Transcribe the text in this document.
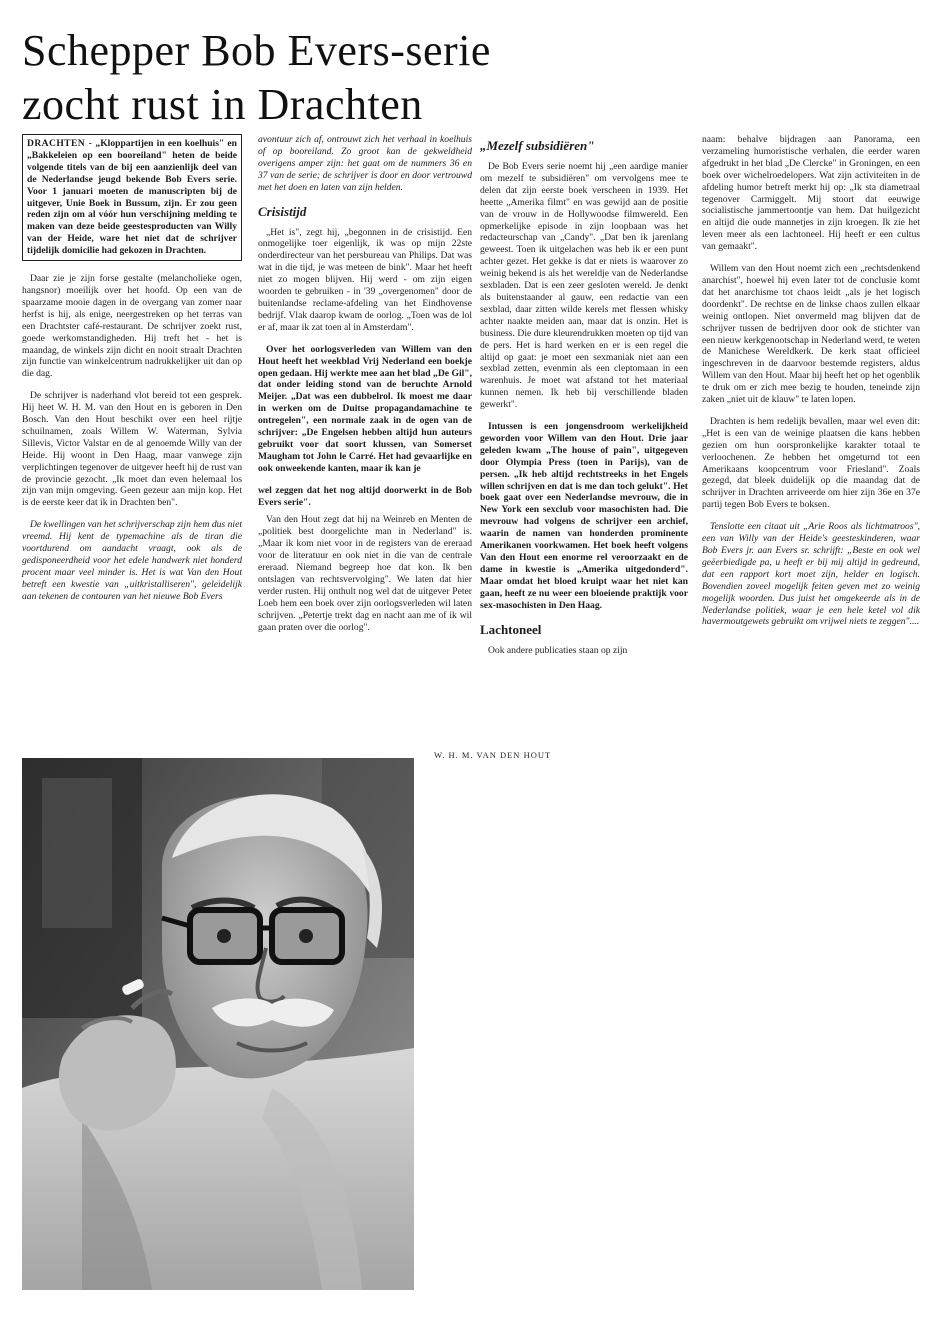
Schepper Bob Evers-serie
zocht rust in Drachten

DRACHTEN - „Kloppartijen in een koelhuis" en „Bakkeleien op een booreiland" heten de beide volgende titels van de bij een aanzienlijk deel van de Nederlandse jeugd bekende Bob Evers serie. Voor 1 januari moeten de manuscripten bij de uitgever, Unie Boek in Bussum, zijn. Er zou geen reden zijn om al vóór hun verschijning melding te maken van deze beide geestesproducten van Willy van der Heide, ware het niet dat de schrijver tijdelijk domicilie had gekozen in Drachten.

Daar zie je zijn forse gestalte (melancholieke ogen, hangsnor) moeilijk over het hoofd. Op een van de spaarzame mooie dagen in de overgang van zomer naar herfst is hij, als enige, neergestreken op het terras van een Drachtster café-restaurant. De schrijver zoekt rust, goede werkomstandigheden. Hij treft het - het is maandag, de winkels zijn dicht en nooit straalt Drachten zijn functie van winkelcentrum nadrukkelijker uit dan op die dag.

De schrijver is naderhand vlot bereid tot een gesprek. Hij heet W. H. M. van den Hout en is geboren in Den Bosch. Van den Hout beschikt over een heel rijtje schuilnamen, zoals Willem W. Waterman, Sylvia Sillevis, Victor Valstar en de al genoemde Willy van der Heide. Hij woont in Den Haag, maar vanwege zijn verplichtingen tegenover de uitgever heeft hij de rust van de provincie gezocht. „Ik moet dan even helemaal los zijn van mijn omgeving. Geen gezeur aan mijn kop. Het is de eerste keer dat ik in Drachten ben".

De kwellingen van het schrijverschap zijn hem dus niet vreemd. Hij kent de typemachine als de tiran die voortdurend om aandacht vraagt, ook als de gedisponeerdheid voor het edele handwerk niet honderd procent maar veel minder is. Het is wat Van den Hout betreft een kwestie van „uitkristalliseren", geleidelijk aan tekenen de contouren van het nieuwe Bob Evers

avontuur zich af, ontrouwt zich het verhaal in koelhuis of op booreiland. Zo groot kan de gekweldheid overigens amper zijn: het gaat om de nummers 36 en 37 van de serie; de schrijver is door en door vertrouwd met het doen en laten van zijn helden.

Crisistijd

„Het is", zegt hij, „begonnen in de crisistijd. Een onmogelijke toer eigenlijk, ik was op mijn 22ste onderdirecteur van het persbureau van Philips. Dat was wat in die tijd, je was meteen de bink". Maar het heeft niet zo mogen blijven. Hij werd - om zijn eigen woorden te gebruiken - in '39 „overgenomen" door de buitenlandse reclame-afdeling van het Eindhovense bedrijf. Vlak daarop kwam de oorlog. „Toen was de lol er af, maar ik zat toen al in Amsterdam".

Over het oorlogsverleden van Willem van den Hout heeft het weekblad Vrij Nederland een boekje open gedaan. Hij werkte mee aan het blad „De Gil", dat onder leiding stond van de beruchte Arnold Meijer. „Dat was een dubbelrol. Ik moest me daar in werken om de Duitse propagandamachine te ontregelen", een normale zaak in de ogen van de schrijver: „De Engelsen hebben altijd hun auteurs gebruikt voor dat soort klussen, van Somerset Maugham tot John le Carré. Het had gevaarlijke en ook onweekende kanten, maar ik kan je

wel zeggen dat het nog altijd doorwerkt in de Bob Evers serie".

Van den Hout zegt dat hij na Weinreb en Menten de „politiek best doorgelichte man in Nederland" is. „Maar ik kom niet voor in de registers van de ereraad voor de literatuur en ook niet in die van de centrale ereraad. Niemand begreep hoe dat kon. Ik ben ontslagen van rechtsvervolging". We laten dat hier verder rusten. Hij onthult nog wel dat de uitgever Peter Loeb hem een boek over zijn oorlogsverleden wil laten schrijven. „Petertje trekt dag en nacht aan me of ik wil gaan praten over die oorlog".

„Mezelf subsidiëren"

De Bob Evers serie noemt hij „een aardige manier om mezelf te subsidiëren" om vervolgens mee te delen dat zijn eerste boek verscheen in 1939. Het heette „Amerika filmt" en was gewijd aan de positie van de vrouw in de Hollywoodse filmwereld. Een opmerkelijke episode in zijn loopbaan was het redacteurschap van „Candy". „Dat ben ik jarenlang geweest. Toen ik uitgelachen was heb ik er een punt achter gezet. Het gekke is dat er niets is waarover zo weinig bekend is als het wereldje van de Nederlandse sexbladen. Dat is een zeer gesloten wereld. Je denkt als buitenstaander al gauw, een redactie van een sexblad, daar zitten wilde kerels met flessen whisky achter naakte meiden aan, maar dat is onzin. Het is business. Die dure kleurendrukken moeten op tijd van de pers. Het is hard werken en er is een regel die altijd op gaat: je moet een sexmaniak niet aan een sexblad zetten, evenmin als een cleptomaan in een warenhuis. Je moet wat afstand tot het materiaal kunnen nemen. Ik heb bij verschillende bladen gewerkt".

Intussen is een jongensdroom werkelijkheid geworden voor Willem van den Hout. Drie jaar geleden kwam „The house of pain", uitgegeven door Olympia Press (toen in Parijs), van de persen. „Ik heb altijd rechtstreeks in het Engels willen schrijven en dat is me dan toch gelukt". Het boek gaat over een Nederlandse mevrouw, die in New York een sexclub voor masochisten had. Die mevrouw had volgens de schrijver een archief, waarin de namen van honderden prominente Amerikanen voorkwamen. Het boek heeft volgens Van den Hout een enorme rel veroorzaakt en de dame in kwestie is „Amerika uitgedonderd". Maar omdat het bloed kruipt waar het niet kan gaan, heeft ze nu weer een bloeiende praktijk voor sex-masochisten in Den Haag.

Lachtoneel

Ook andere publicaties staan op zijn

naam: behalve bijdragen aan Panorama, een verzameling humoristische verhalen, die eerder waren afgedrukt in het blad „De Clercke" in Groningen, en een boek over wichelroedelopers. Wat zijn activiteiten in de afdeling humor betreft merkt hij op: „Ik sta diametraal tegenover Carmiggelt. Mij stoort dat eeuwige socialistische jammertoontje van hem. Dat huilgezicht en altijd die oude mannetjes in zijn kroegen. Ik zie het leven meer als een lachtoneel. Hij heeft er een cultus van gemaakt".

Willem van den Hout noemt zich een „rechtsdenkend anarchist", hoewel hij even later tot de conclusie komt dat het anarchisme tot chaos leidt „als je het logisch doordenkt". De rechtse en de linkse chaos zullen elkaar weinig ontlopen. Niet onvermeld mag blijven dat de schrijver tussen de bedrijven door ook de stichter van een nieuw kerkgenootschap in Nederland werd, te weten de Manichese Wereldkerk. De kerk staat officieel ingeschreven in de daarvoor bestemde registers, aldus Willem van den Hout. Maar hij heeft het op het ogenblik te druk om er zich mee bezig te houden, teneinde zijn zaken „niet uit de klauw" te laten lopen.

Drachten is hem redelijk bevallen, maar wel even dit: „Het is een van de weinige plaatsen die kans hebben gezien om hun oorspronkelijke karakter totaal te verloochenen. Ze hebben het omgeturnd tot een Amerikaans koopcentrum voor Friesland". Zoals gezegd, dat bleek duidelijk op die maandag dat de schrijver in Drachten arriveerde om hier zijn 36e en 37e partij tegen Bob Evers te boksen.

Tenslotte een citaat uit „Arie Roos als lichtmatroos", een van Willy van der Heide's geesteskinderen, waar Bob Evers jr. aan Evers sr. schrijft: „Beste en ook wel geëerbiedigde pa, u heeft er bij mij altijd in gedreund, dat een rapport kort moet zijn, helder en logisch. Bovendien zoveel mogelijk feiten geven met zo weinig mogelijk woorden. Dus juist het omgekeerde als in de Nederlandse politiek, waar je een hele ketel vol dik havermoutgewets gebruikt om vrijwel niets te zeggen"....

W. H. M. VAN DEN HOUT
